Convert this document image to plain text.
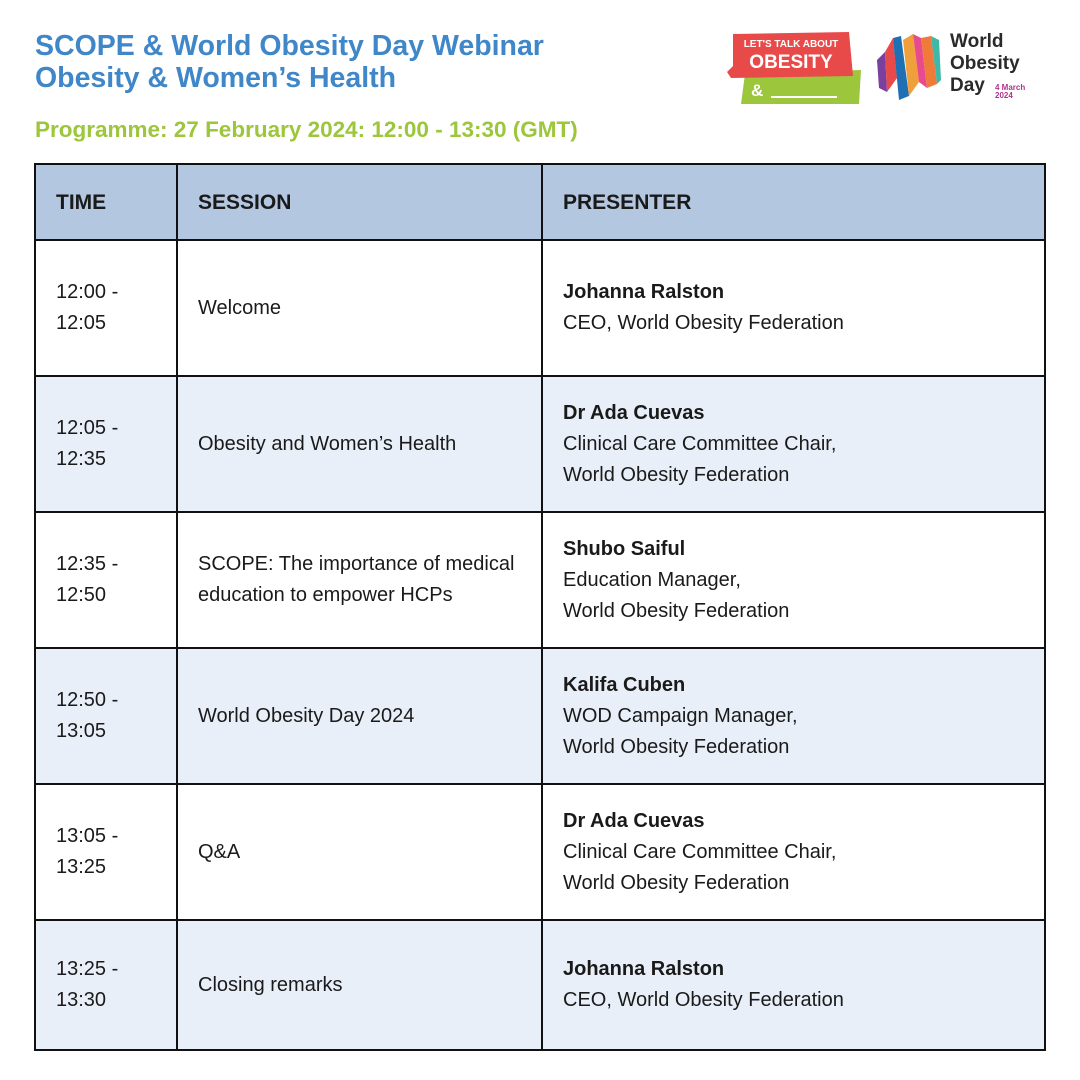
SCOPE & World Obesity Day Webinar
Obesity & Women’s Health

Programme: 27 February 2024: 12:00 - 13:30 (GMT)

LET'S TALK ABOUT
OBESITY
&
World
Obesity
Day 4 March
2024
TIME	SESSION	PRESENTER
12:00 - 12:05	Welcome	Johanna Ralston
CEO, World Obesity Federation

12:05 - 12:35	Obesity and Women’s Health	Dr Ada Cuevas
Clinical Care Committee Chair,
World Obesity Federation

12:35 - 12:50	SCOPE: The importance of medical education to empower HCPs	Shubo Saiful
Education Manager,
World Obesity Federation

12:50 - 13:05	World Obesity Day 2024	Kalifa Cuben
WOD Campaign Manager,
World Obesity Federation

13:05 - 13:25	Q&A	Dr Ada Cuevas
Clinical Care Committee Chair,
World Obesity Federation

13:25 - 13:30	Closing remarks	Johanna Ralston
CEO, World Obesity Federation
